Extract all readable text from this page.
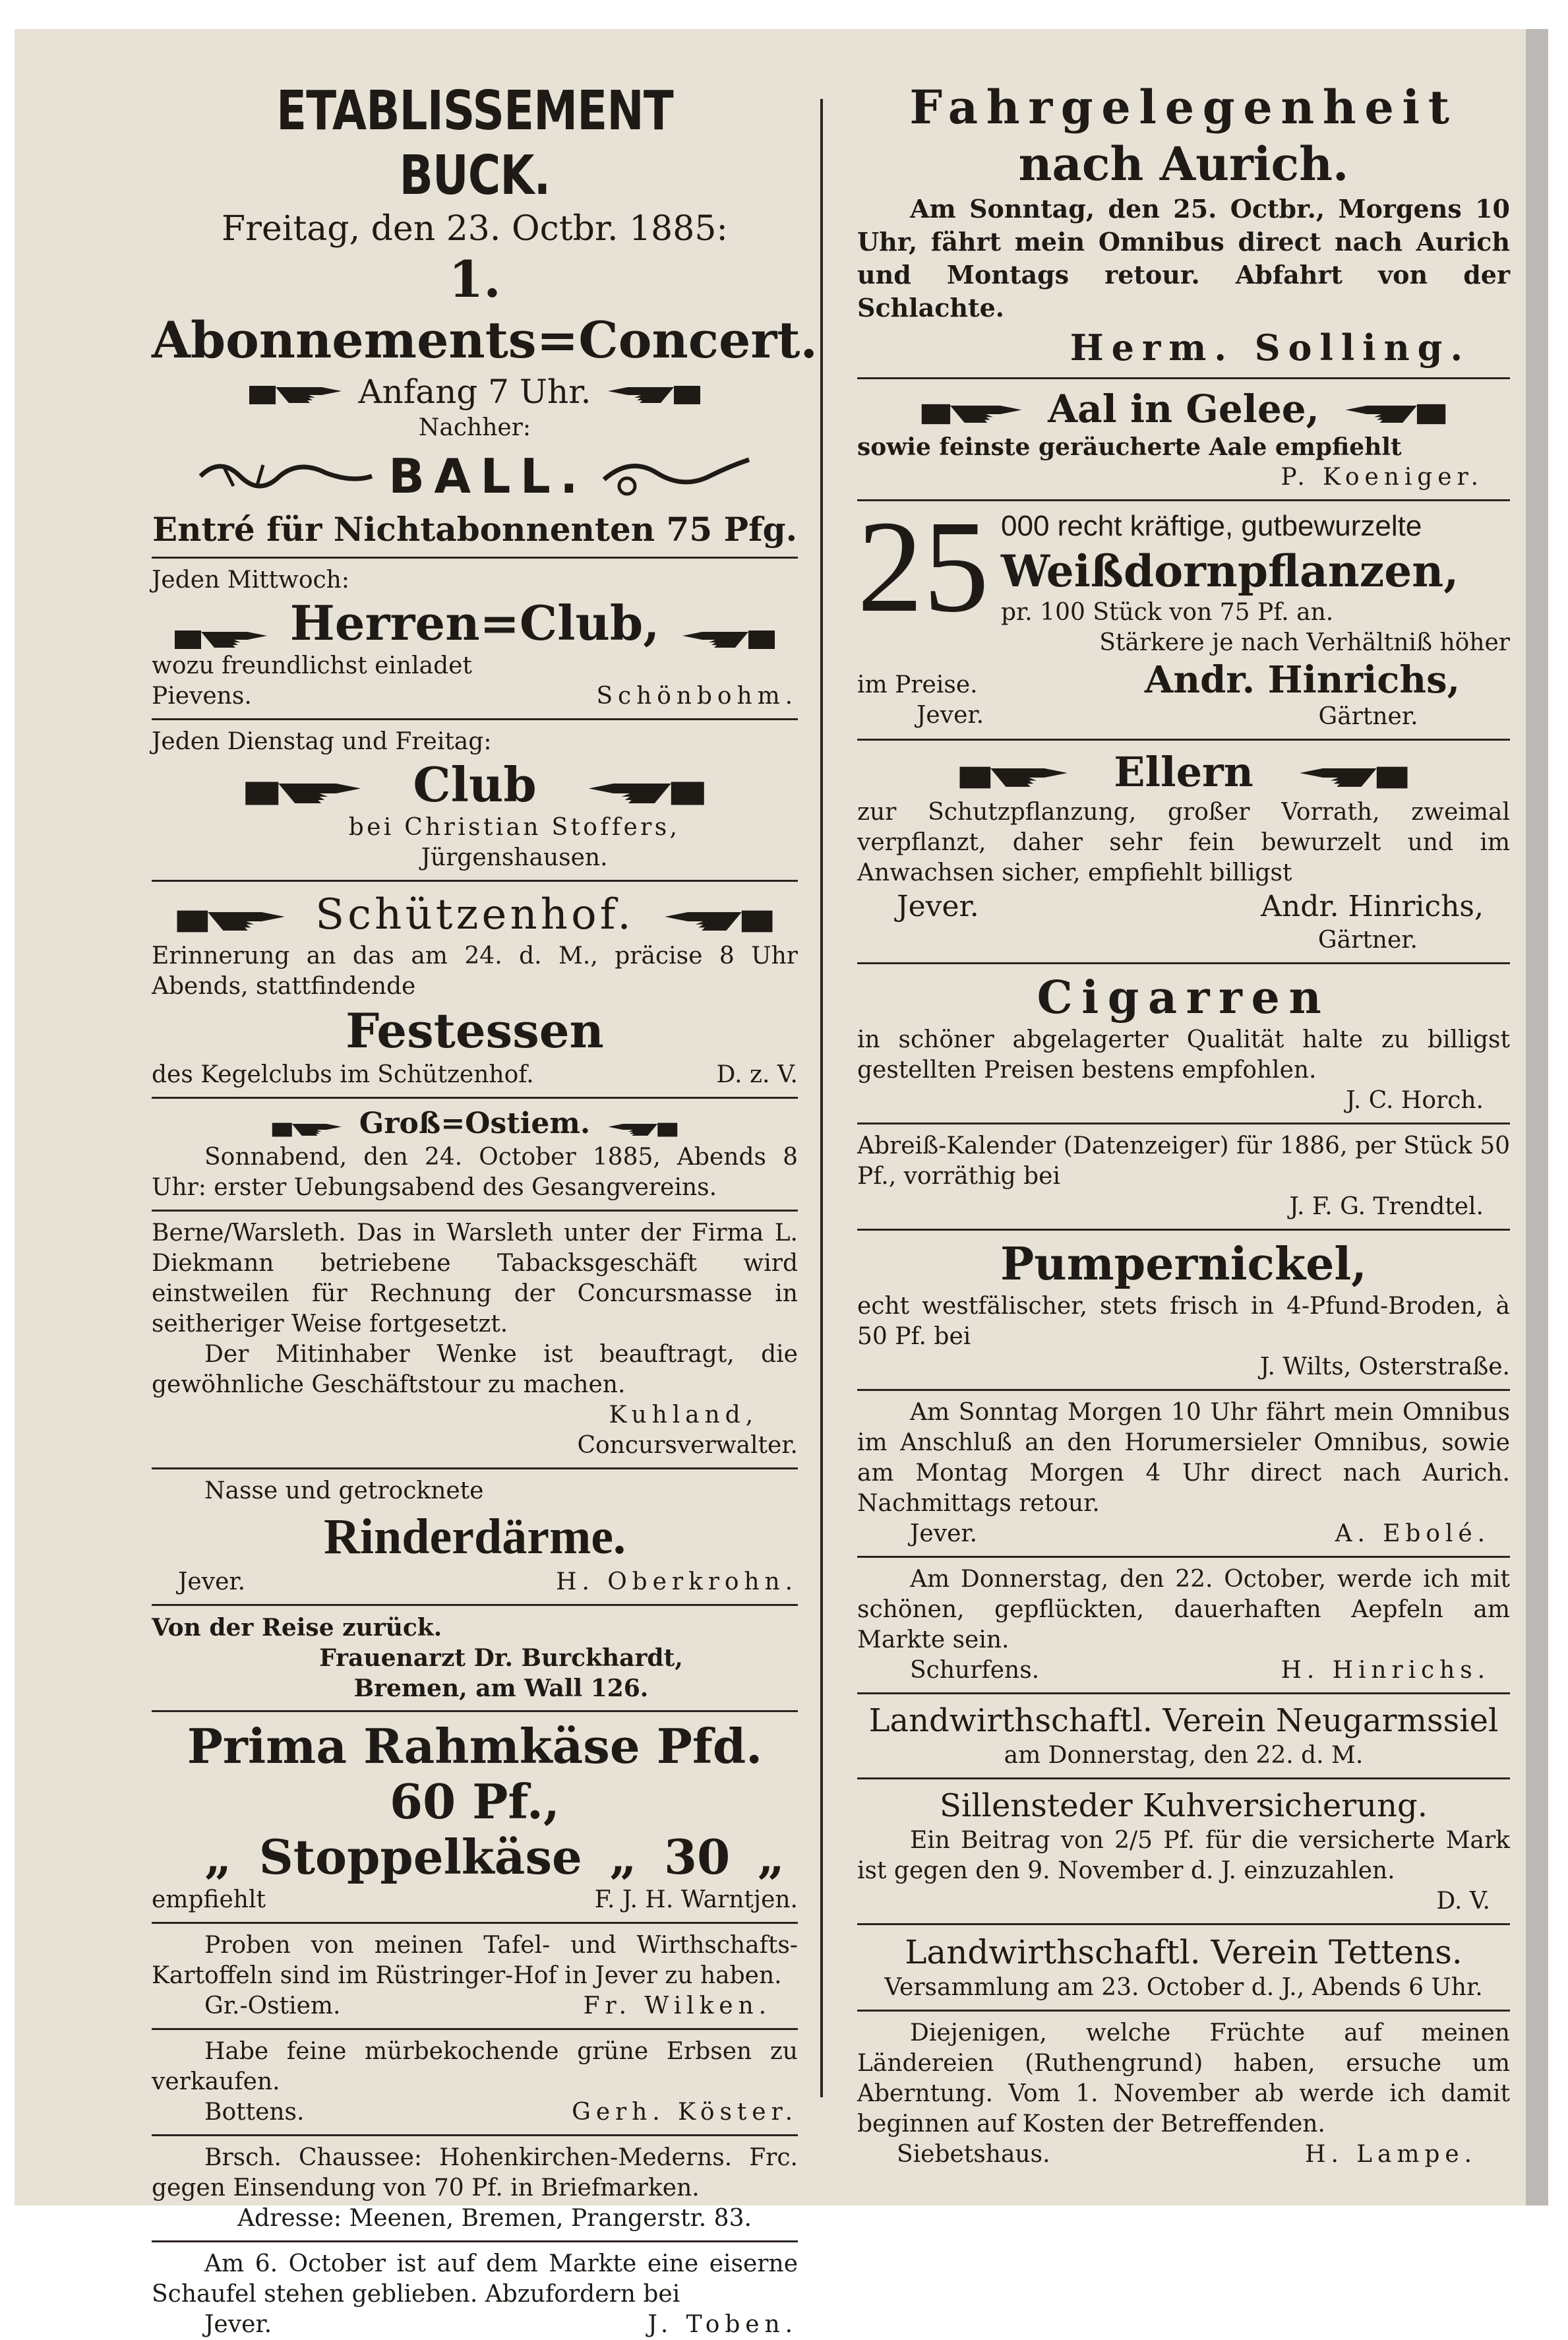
ETABLISSEMENT BUCK.
Freitag, den 23. Octbr. 1885:
1. Abonnements=Concert.
Anfang 7 Uhr.
Nachher:
BALL.
Entré für Nichtabonnenten 75 Pfg.
Jeden Mittwoch:
Herren=Club,
wozu freundlichst einladet
Pievens.	Schönbohm.
Jeden Dienstag und Freitag:
Club
bei Christian Stoffers,
Jürgenshausen.
Schützenhof.
Erinnerung an das am 24. d. M., präcise 8 Uhr Abends, stattfindende
Festessen
des Kegelclubs im Schützenhof.	D. z. V.
Groß=Ostiem.
Sonnabend, den 24. October 1885, Abends 8 Uhr: erster Uebungsabend des Gesangvereins.
Berne/Warsleth. Das in Warsleth unter der Firma L. Diekmann betriebene Tabacksgeschäft wird einstweilen für Rechnung der Concursmasse in seitheriger Weise fortgesetzt.
Der Mitinhaber Wenke ist beauftragt, die gewöhnliche Geschäftstour zu machen.
Kuhland,
Concursverwalter.
Nasse und getrocknete
Rinderdärme.
Jever.	H. Oberkrohn.
Von der Reise zurück.
Frauenarzt Dr. Burckhardt,
Bremen, am Wall 126.
Prima Rahmkäse Pfd. 60 Pf.,
„ Stoppelkäse „ 30 „
empfiehlt	F. J. H. Warntjen.
Proben von meinen Tafel- und Wirthschafts-Kartoffeln sind im Rüstringer-Hof in Jever zu haben.
Gr.-Ostiem.	Fr. Wilken.
Habe feine mürbekochende grüne Erbsen zu verkaufen.
Bottens.	Gerh. Köster.
Brsch. Chaussee: Hohenkirchen-Mederns. Frc. gegen Einsendung von 70 Pf. in Briefmarken.
Adresse: Meenen, Bremen, Prangerstr. 83.
Am 6. October ist auf dem Markte eine eiserne Schaufel stehen geblieben. Abzufordern bei
Jever.	J. Toben.
Fahrgelegenheit
nach Aurich.
Am Sonntag, den 25. Octbr., Morgens 10 Uhr, fährt mein Omnibus direct nach Aurich und Montags retour. Abfahrt von der Schlachte.
Herm. Solling.
Aal in Gelee,
sowie feinste geräucherte Aale empfiehlt
P. Koeniger.
25 000 recht kräftige, gutbewurzelte
Weißdornpflanzen,
pr. 100 Stück von 75 Pf. an.
Stärkere je nach Verhältniß höher
im Preise.
Jever.
Andr. Hinrichs,
Gärtner.
Ellern
zur Schutzpflanzung, großer Vorrath, zweimal verpflanzt, daher sehr fein bewurzelt und im Anwachsen sicher, empfiehlt billigst
Jever.	Andr. Hinrichs,
Gärtner.
Cigarren
in schöner abgelagerter Qualität halte zu billigst gestellten Preisen bestens empfohlen.
J. C. Horch.
Abreiß-Kalender (Datenzeiger) für 1886, per Stück 50 Pf., vorräthig bei
J. F. G. Trendtel.
Pumpernickel,
echt westfälischer, stets frisch in 4-Pfund-Broden, à 50 Pf. bei
J. Wilts, Osterstraße.
Am Sonntag Morgen 10 Uhr fährt mein Omnibus im Anschluß an den Horumersieler Omnibus, sowie am Montag Morgen 4 Uhr direct nach Aurich. Nachmittags retour.
Jever.	A. Ebolé.
Am Donnerstag, den 22. October, werde ich mit schönen, gepflückten, dauerhaften Aepfeln am Markte sein.
Schurfens.	H. Hinrichs.
Landwirthschaftl. Verein Neugarmssiel
am Donnerstag, den 22. d. M.
Sillensteder Kuhversicherung.
Ein Beitrag von 2/5 Pf. für die versicherte Mark ist gegen den 9. November d. J. einzuzahlen.
D. V.
Landwirthschaftl. Verein Tettens.
Versammlung am 23. October d. J., Abends 6 Uhr.
Diejenigen, welche Früchte auf meinen Ländereien (Ruthengrund) haben, ersuche um Aberntung. Vom 1. November ab werde ich damit beginnen auf Kosten der Betreffenden.
Siebetshaus.	H. Lampe.
